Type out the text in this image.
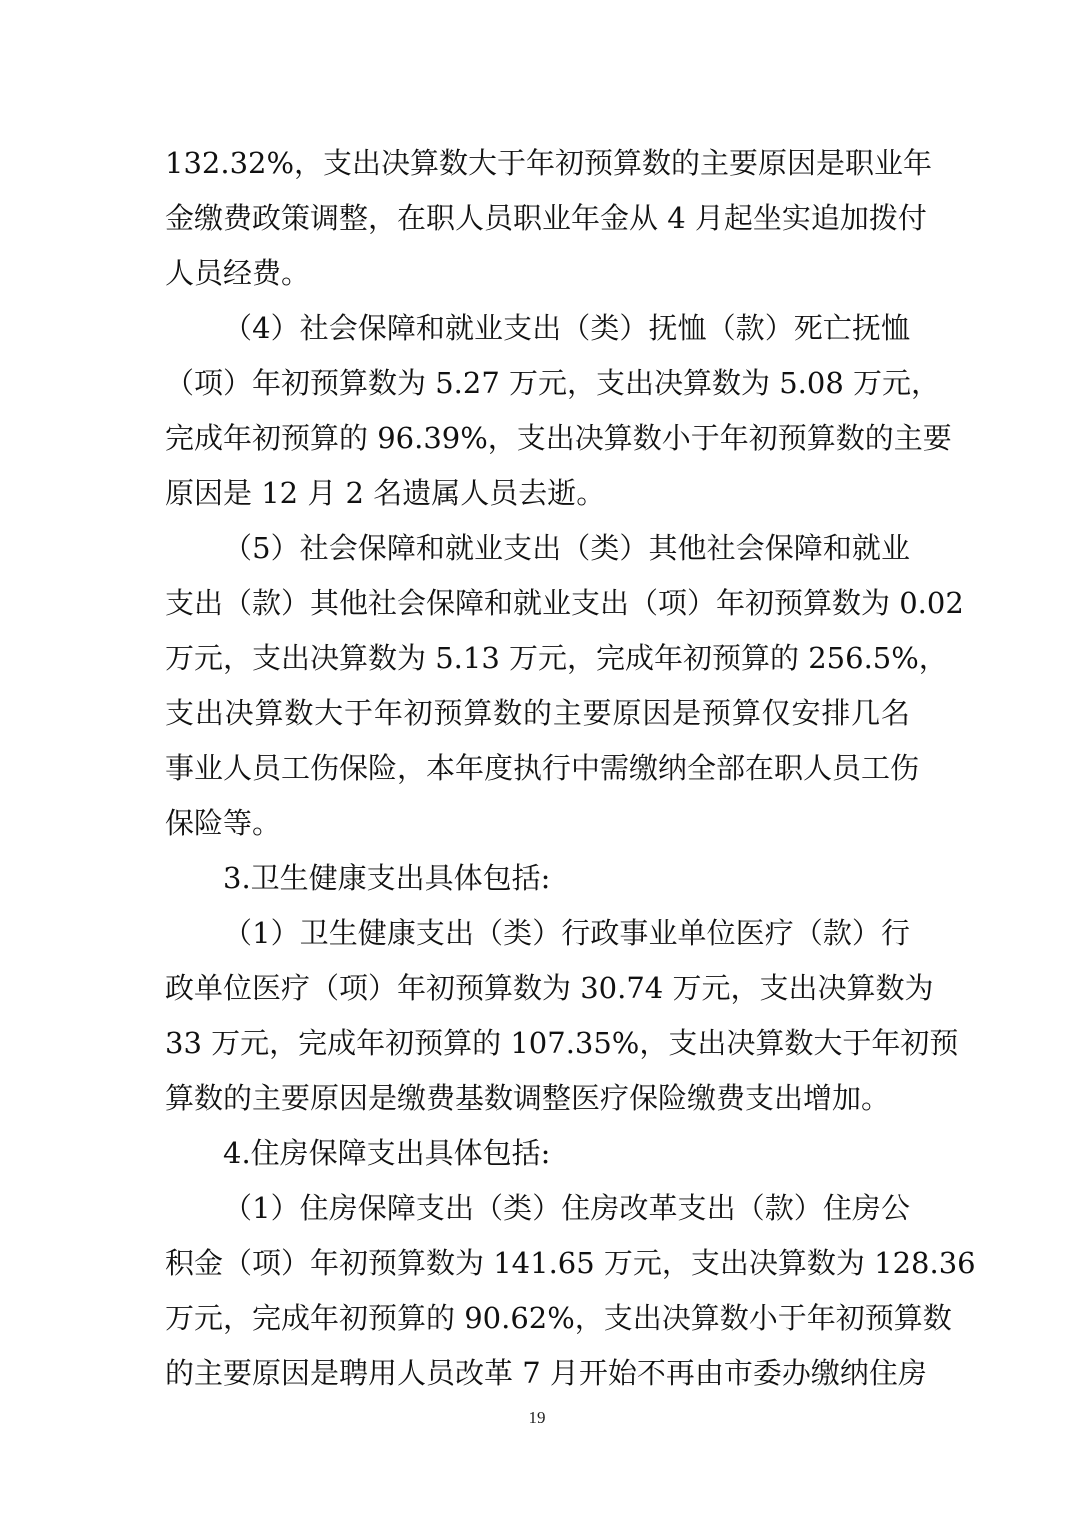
132.32%，支出决算数大于年初预算数的主要原因是职业年
金缴费政策调整，在职人员职业年金从 4 月起坐实追加拨付
人员经费。
（4）社会保障和就业支出（类）抚恤（款）死亡抚恤
（项）年初预算数为 5.27 万元，支出决算数为 5.08 万元，
完成年初预算的 96.39%，支出决算数小于年初预算数的主要
原因是 12 月 2 名遗属人员去逝。
（5）社会保障和就业支出（类）其他社会保障和就业
支出（款）其他社会保障和就业支出（项）年初预算数为 0.02
万元，支出决算数为 5.13 万元，完成年初预算的 256.5%，
支出决算数大于年初预算数的主要原因是预算仅安排几名
事业人员工伤保险，本年度执行中需缴纳全部在职人员工伤
保险等。
3.卫生健康支出具体包括:
（1）卫生健康支出（类）行政事业单位医疗（款）行
政单位医疗（项）年初预算数为 30.74 万元，支出决算数为
33 万元，完成年初预算的 107.35%，支出决算数大于年初预
算数的主要原因是缴费基数调整医疗保险缴费支出增加。
4.住房保障支出具体包括:
（1）住房保障支出（类）住房改革支出（款）住房公
积金（项）年初预算数为 141.65 万元，支出决算数为 128.36
万元，完成年初预算的 90.62%，支出决算数小于年初预算数
的主要原因是聘用人员改革 7 月开始不再由市委办缴纳住房
19
